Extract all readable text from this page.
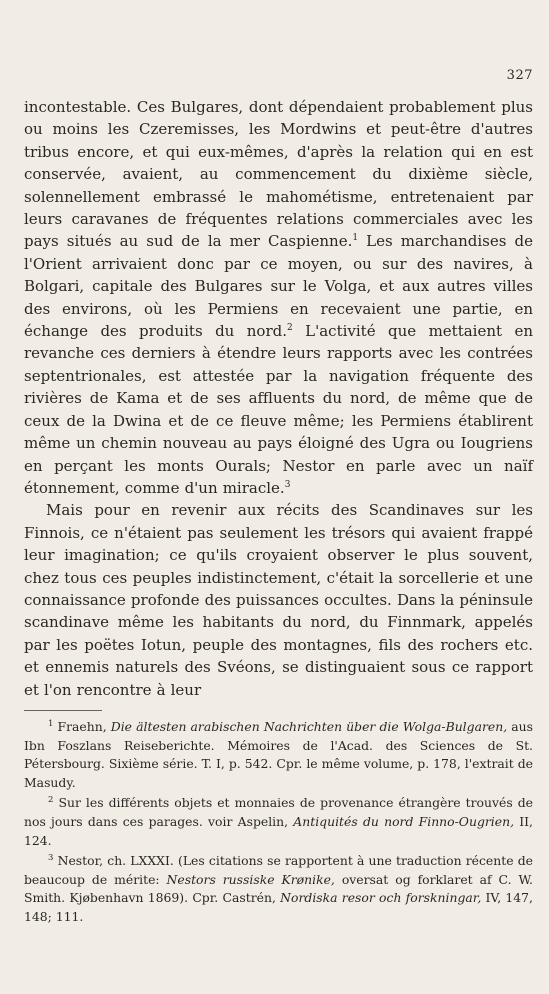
327

incontestable. Ces Bulgares, dont dépendaient probablement plus ou moins les Czeremisses, les Mordwins et peut-être d'autres tribus encore, et qui eux-mêmes, d'après la relation qui en est conservée, avaient, au commencement du dixième siècle, solennellement embrassé le mahométisme, entretenaient par leurs caravanes de fréquentes relations commerciales avec les pays situés au sud de la mer Caspienne.$^1$ Les marchandises de l'Orient arrivaient donc par ce moyen, ou sur des navires, à Bolgari, capitale des Bulgares sur le Volga, et aux autres villes des environs, où les Permiens en recevaient une partie, en échange des produits du nord.$^2$ L'activité que mettaient en revanche ces derniers à étendre leurs rapports avec les contrées septentrionales, est attestée par la navigation fréquente des rivières de Kama et de ses affluents du nord, de même que de ceux de la Dwina et de ce fleuve même; les Permiens établirent même un chemin nouveau au pays éloigné des Ugra ou Iougriens en perçant les monts Ourals; Nestor en parle avec un naïf étonnement, comme d'un miracle.$^3$

Mais pour en revenir aux récits des Scandinaves sur les Finnois, ce n'étaient pas seulement les trésors qui avaient frappé leur imagination; ce qu'ils croyaient observer le plus souvent, chez tous ces peuples indistinctement, c'était la sorcellerie et une connaissance profonde des puissances occultes. Dans la péninsule scandinave même les habitants du nord, du Finnmark, appelés par les poëtes Iotun, peuple des montagnes, fils des rochers etc. et ennemis naturels des Svéons, se distinguaient sous ce rapport et l'on rencontre à leur

$^1$ Fraehn, Die ältesten arabischen Nachrichten über die Wolga-Bulgaren, aus Ibn Foszlans Reiseberichte. Mémoires de l'Acad. des Sciences de St. Pétersbourg. Sixième série. T. I, p. 542. Cpr. le même volume, p. 178, l'extrait de Masudy.

$^2$ Sur les différents objets et monnaies de provenance étrangère trouvés de nos jours dans ces parages. voir Aspelin, Antiquités du nord Finno-Ougrien, II, 124.

$^3$ Nestor, ch. LXXXI. (Les citations se rapportent à une traduction récente de beaucoup de mérite: Nestors russiske Krønike, oversat og forklaret af C. W. Smith. Kjøbenhavn 1869). Cpr. Castrén, Nordiska resor och forskningar, IV, 147, 148; 111.
